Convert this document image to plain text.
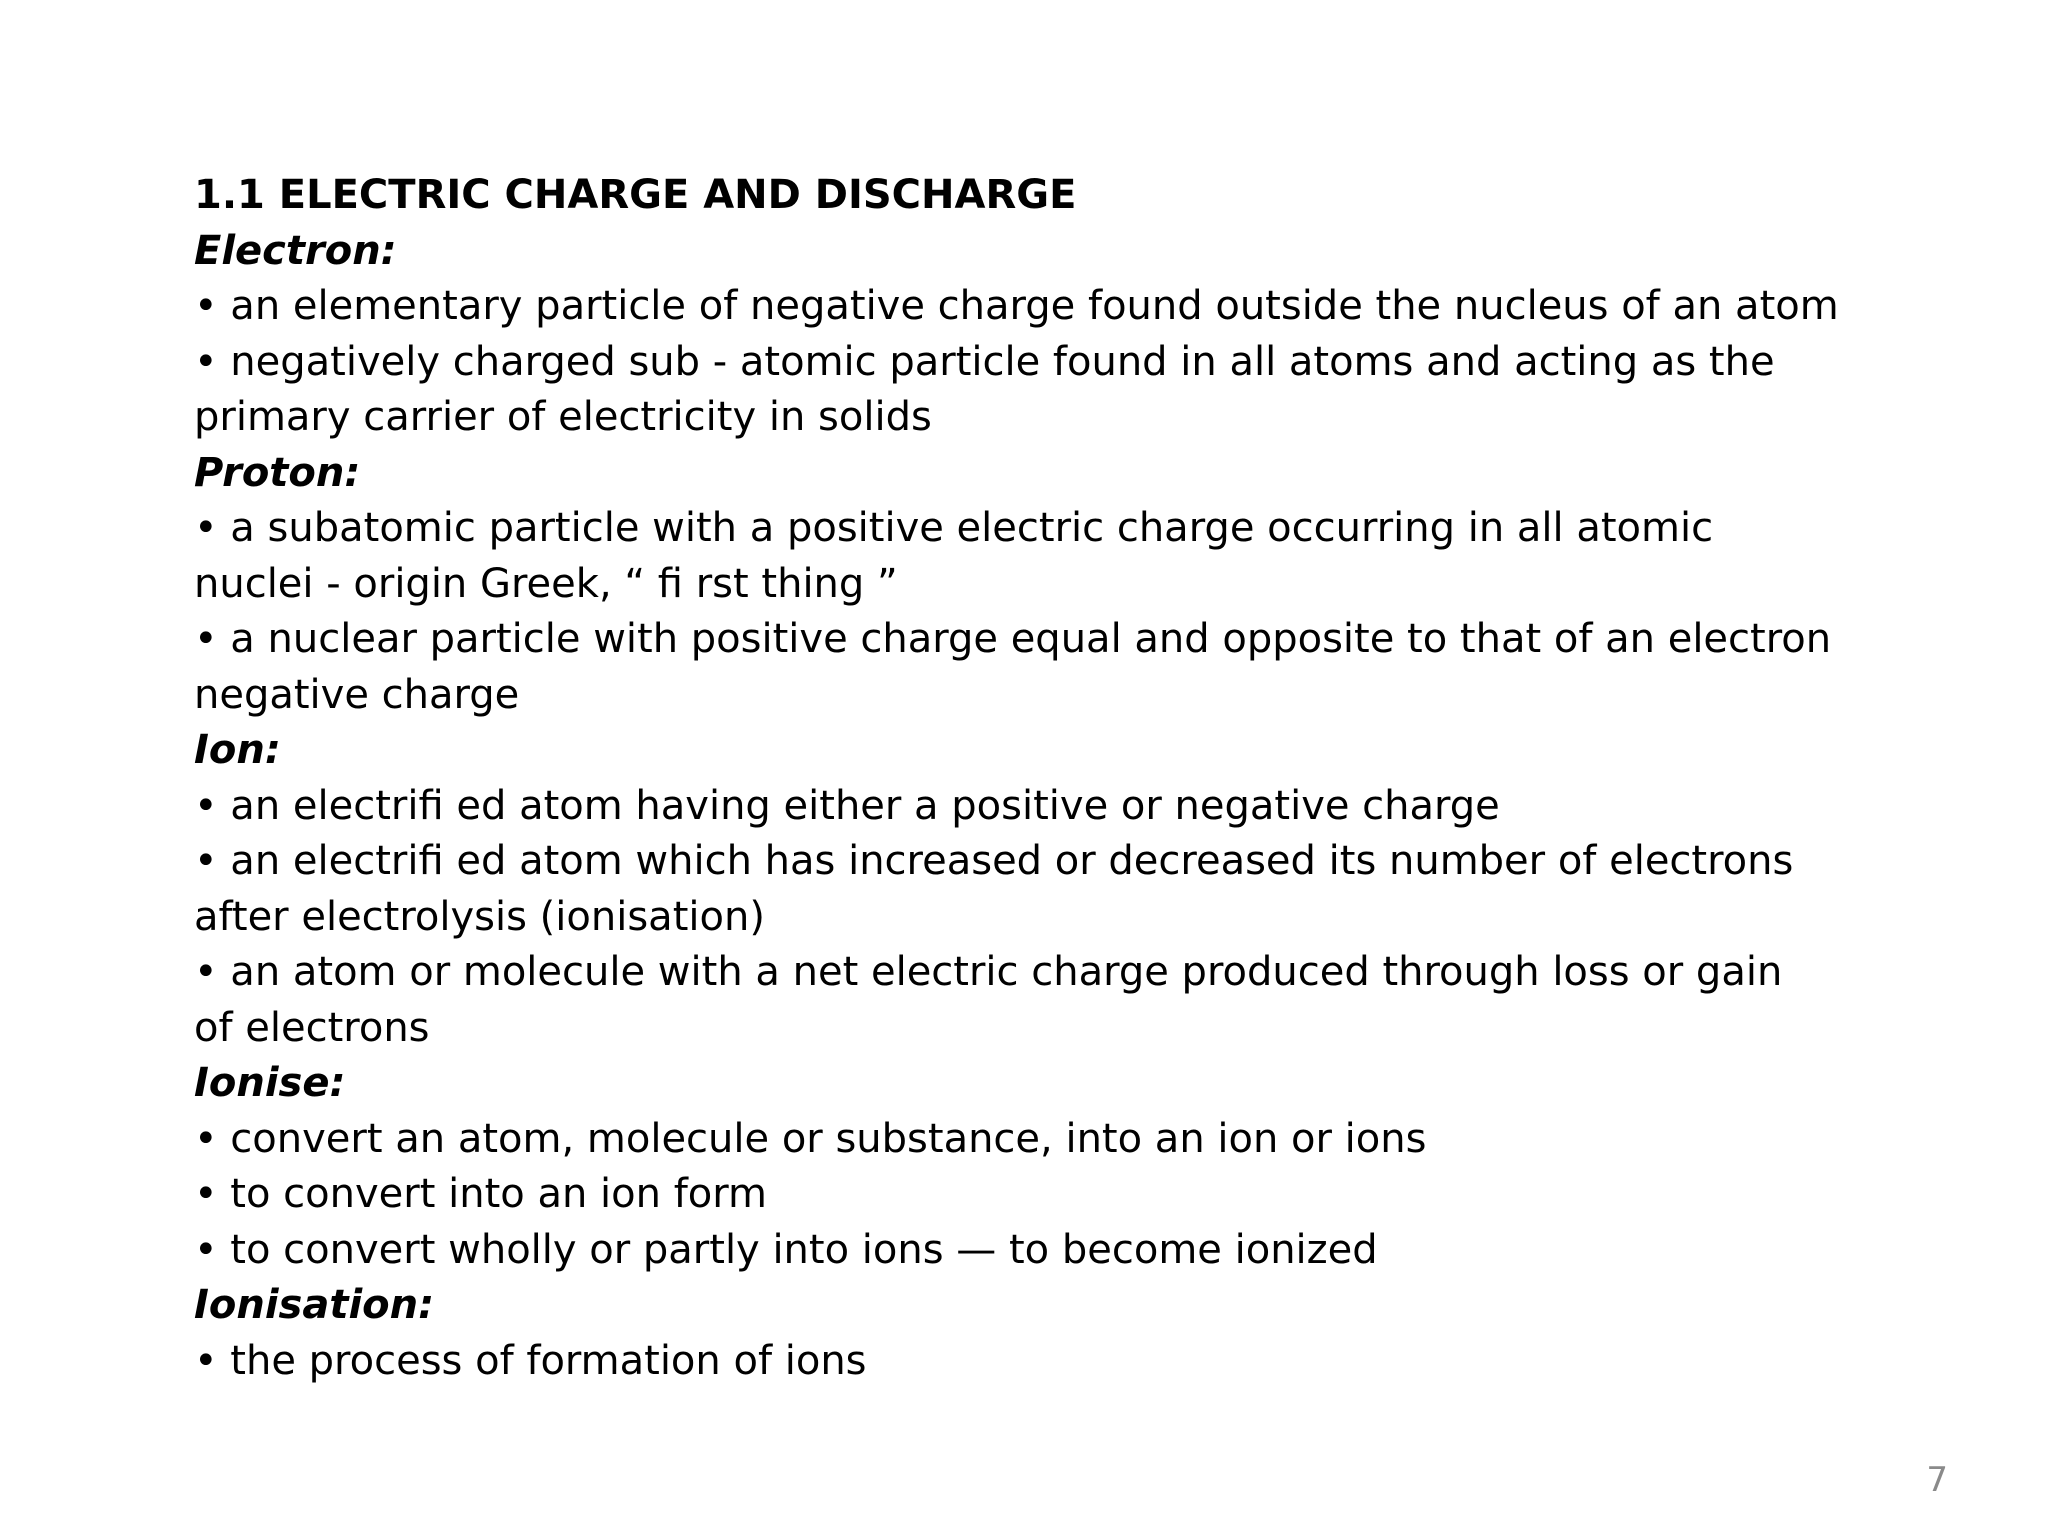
1.1 ELECTRIC CHARGE AND DISCHARGE
Electron:
• an elementary particle of negative charge found outside the nucleus of an atom
• negatively charged sub - atomic particle found in all atoms and acting as the
primary carrier of electricity in solids
Proton:
• a subatomic particle with a positive electric charge occurring in all atomic
nuclei - origin Greek, “ fi rst thing ”
• a nuclear particle with positive charge equal and opposite to that of an electron
negative charge
Ion:
• an electrifi ed atom having either a positive or negative charge
• an electrifi ed atom which has increased or decreased its number of electrons
after electrolysis (ionisation)
• an atom or molecule with a net electric charge produced through loss or gain
of electrons
Ionise:
• convert an atom, molecule or substance, into an ion or ions
• to convert into an ion form
• to convert wholly or partly into ions — to become ionized
Ionisation:
• the process of formation of ions
7
